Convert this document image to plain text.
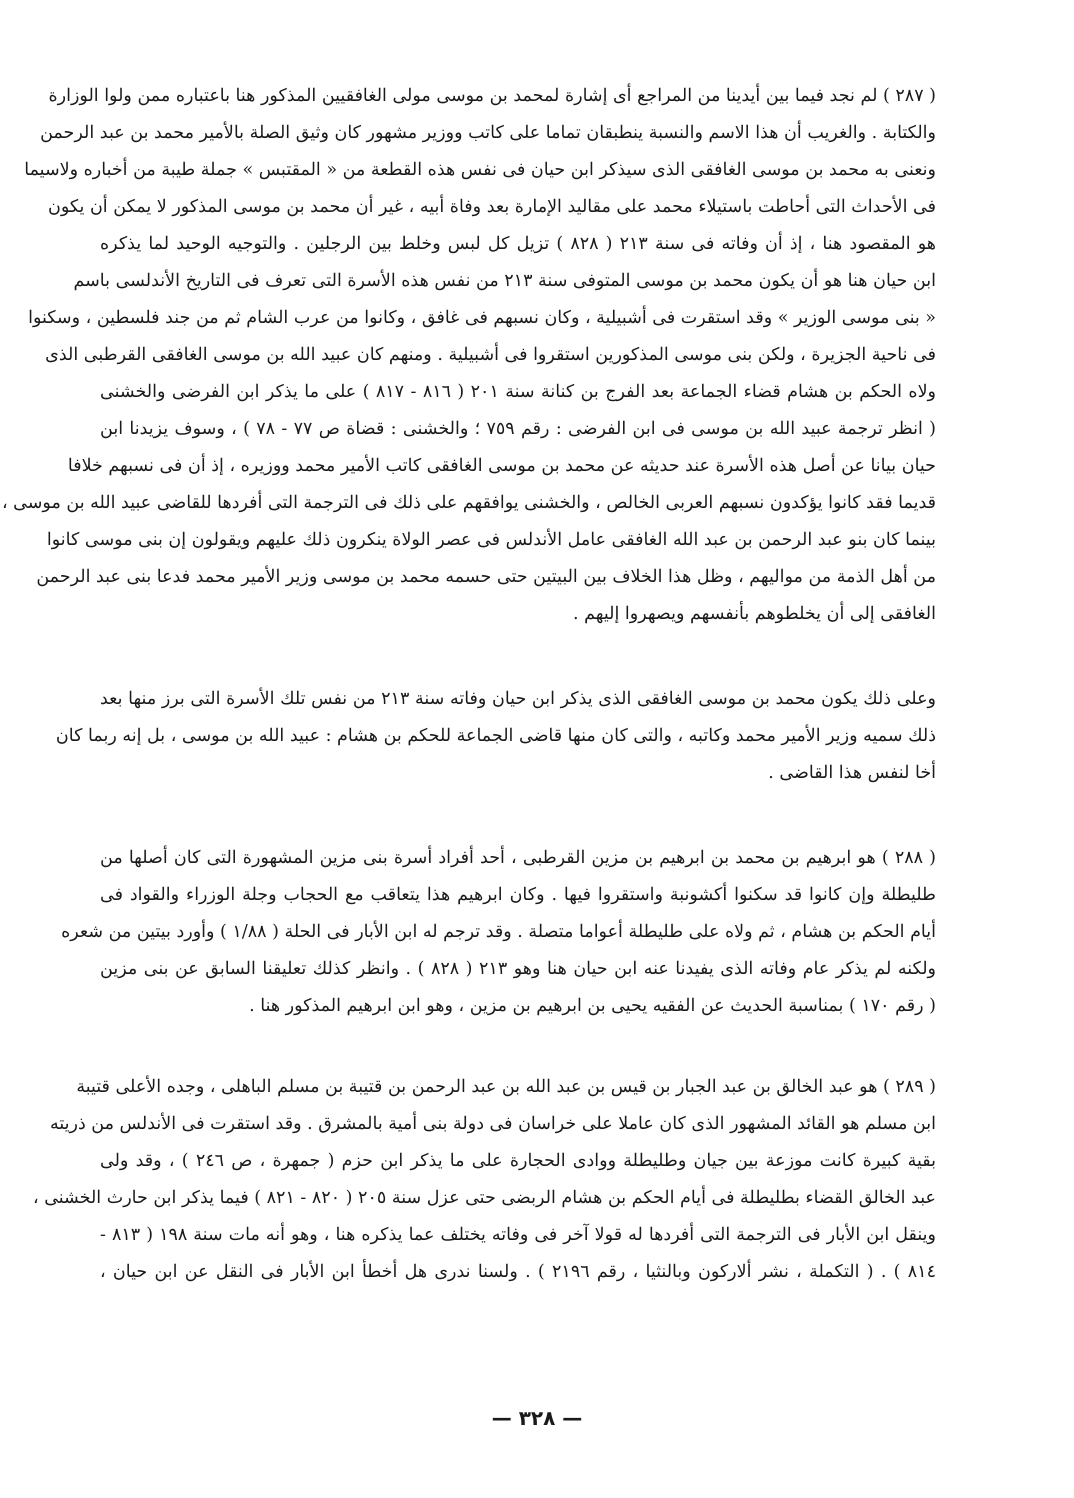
( ٢٨٧ ) لم نجد فيما بين أيدينا من المراجع أى إشارة لمحمد بن موسى مولى الغافقيين المذكور هنا باعتباره ممن ولوا الوزارة
والكتابة . والغريب أن هذا الاسم والنسبة ينطبقان تماما على كاتب ووزير مشهور كان وثيق الصلة بالأمير محمد بن عبد الرحمن
ونعنى به محمد بن موسى الغافقى الذى سيذكر ابن حيان فى نفس هذه القطعة من « المقتبس » جملة طيبة من أخباره ولاسيما
فى الأحداث التى أحاطت باستيلاء محمد على مقاليد الإمارة بعد وفاة أبيه ، غير أن محمد بن موسى المذكور لا يمكن أن يكون
هو المقصود هنا ، إذ أن وفاته فى سنة ٢١٣ ( ٨٢٨ ) تزيل كل لبس وخلط بين الرجلين . والتوجيه الوحيد لما يذكره
ابن حيان هنا هو أن يكون محمد بن موسى المتوفى سنة ٢١٣ من نفس هذه الأسرة التى تعرف فى التاريخ الأندلسى باسم
« بنى موسى الوزير » وقد استقرت فى أشبيلية ، وكان نسبهم فى غافق ، وكانوا من عرب الشام ثم من جند فلسطين ، وسكنوا
فى ناحية الجزيرة ، ولكن بنى موسى المذكورين استقروا فى أشبيلية . ومنهم كان عبيد الله بن موسى الغافقى القرطبى الذى
ولاه الحكم بن هشام قضاء الجماعة بعد الفرج بن كنانة سنة ٢٠١ ( ٨١٦ - ٨١٧ ) على ما يذكر ابن الفرضى والخشنى
( انظر ترجمة عبيد الله بن موسى فى ابن الفرضى : رقم ٧٥٩ ؛ والخشنى : قضاة ص ٧٧ - ٧٨ ) ، وسوف يزيدنا ابن
حيان بيانا عن أصل هذه الأسرة عند حديثه عن محمد بن موسى الغافقى كاتب الأمير محمد ووزيره ، إذ أن فى نسبهم خلافا
قديما فقد كانوا يؤكدون نسبهم العربى الخالص ، والخشنى يوافقهم على ذلك فى الترجمة التى أفردها للقاضى عبيد الله بن موسى ،
بينما كان بنو عبد الرحمن بن عبد الله الغافقى عامل الأندلس فى عصر الولاة ينكرون ذلك عليهم ويقولون إن بنى موسى كانوا
من أهل الذمة من مواليهم ، وظل هذا الخلاف بين البيتين حتى حسمه محمد بن موسى وزير الأمير محمد فدعا بنى عبد الرحمن
الغافقى إلى أن يخلطوهم بأنفسهم ويصهروا إليهم .
وعلى ذلك يكون محمد بن موسى الغافقى الذى يذكر ابن حيان وفاته سنة ٢١٣ من نفس تلك الأسرة التى برز منها بعد
ذلك سميه وزير الأمير محمد وكاتبه ، والتى كان منها قاضى الجماعة للحكم بن هشام : عبيد الله بن موسى ، بل إنه ربما كان
أخا لنفس هذا القاضى .
( ٢٨٨ ) هو ابرهيم بن محمد بن ابرهيم بن مزين القرطبى ، أحد أفراد أسرة بنى مزين المشهورة التى كان أصلها من
طليطلة وإن كانوا قد سكنوا أكشونبة واستقروا فيها . وكان ابرهيم هذا يتعاقب مع الحجاب وجلة الوزراء والقواد فى
أيام الحكم بن هشام ، ثم ولاه على طليطلة أعواما متصلة . وقد ترجم له ابن الأبار فى الحلة ( ١/٨٨ ) وأورد بيتين من شعره
ولكنه لم يذكر عام وفاته الذى يفيدنا عنه ابن حيان هنا وهو ٢١٣ ( ٨٢٨ ) . وانظر كذلك تعليقنا السابق عن بنى مزين
( رقم ١٧٠ ) بمناسبة الحديث عن الفقيه يحيى بن ابرهيم بن مزين ، وهو ابن ابرهيم المذكور هنا .
( ٢٨٩ ) هو عبد الخالق بن عبد الجبار بن قيس بن عبد الله بن عبد الرحمن بن قتيبة بن مسلم الباهلى ، وجده الأعلى قتيبة
ابن مسلم هو القائد المشهور الذى كان عاملا على خراسان فى دولة بنى أمية بالمشرق . وقد استقرت فى الأندلس من ذريته
بقية كبيرة كانت موزعة بين جيان وطليطلة ووادى الحجارة على ما يذكر ابن حزم ( جمهرة ، ص ٢٤٦ ) ، وقد ولى
عبد الخالق القضاء بطليطلة فى أيام الحكم بن هشام الربضى حتى عزل سنة ٢٠٥ ( ٨٢٠ - ٨٢١ ) فيما يذكر ابن حارث الخشنى ،
وينقل ابن الأبار فى الترجمة التى أفردها له قولا آخر فى وفاته يختلف عما يذكره هنا ، وهو أنه مات سنة ١٩٨ ( ٨١٣ -
٨١٤ ) . ( التكملة ، نشر ألاركون وبالنثيا ، رقم ٢١٩٦ ) . ولسنا ندرى هل أخطأ ابن الأبار فى النقل عن ابن حيان ،
— ٣٢٨ —
